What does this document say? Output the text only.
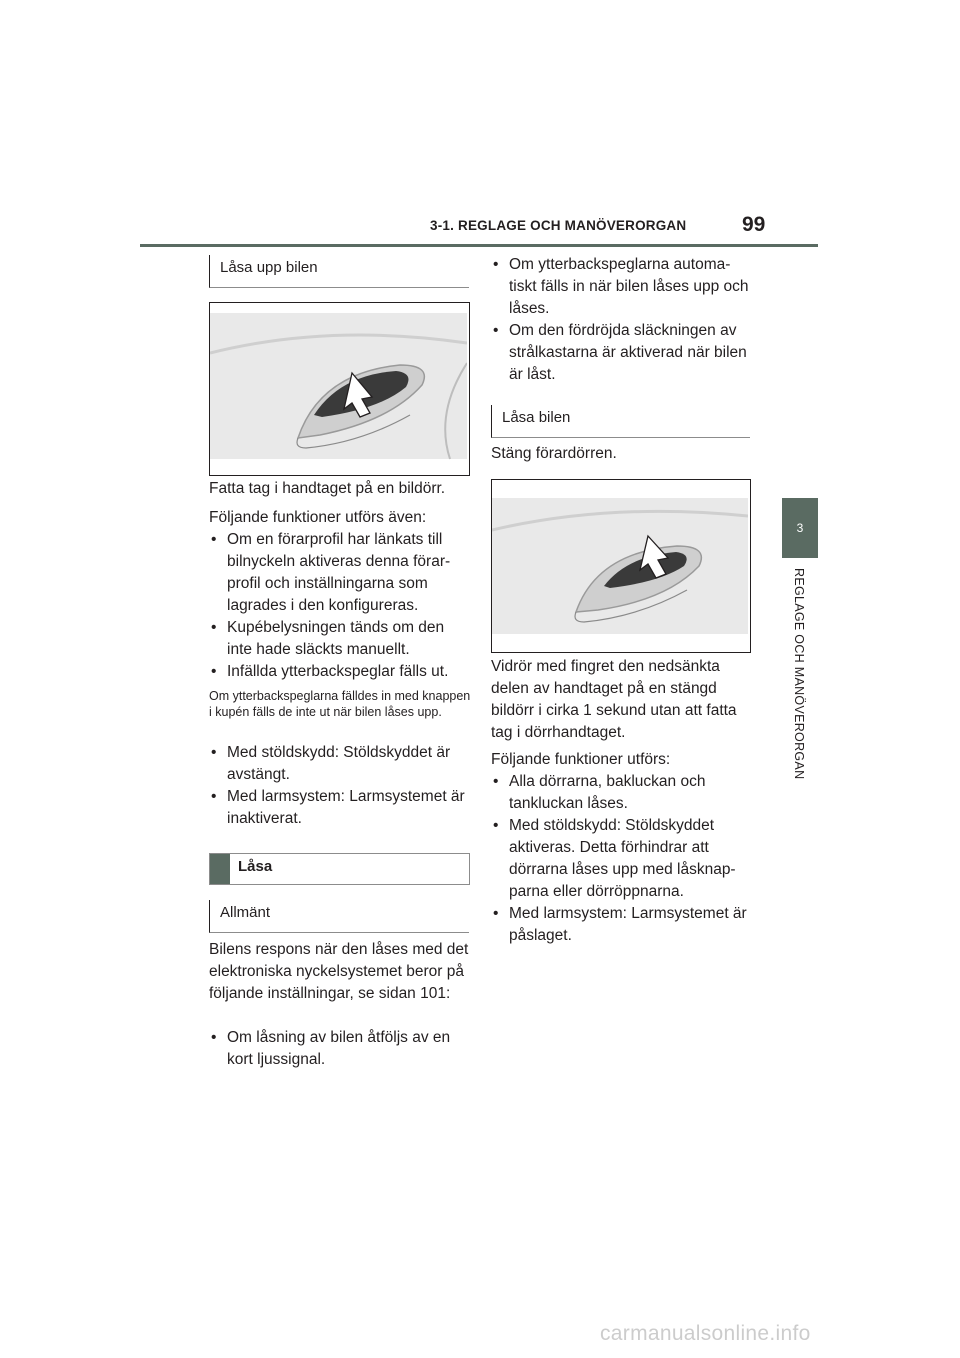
3-1. REGLAGE OCH MANÖVERORGAN	99
3
REGLAGE OCH MANÖVERORGAN
Låsa upp bilen

Fatta tag i handtaget på en bildörr.

Följande funktioner utförs även:

• Om en förarprofil har länkats till bilnyckeln aktiveras denna förar-profil och inställningarna som lagrades i den konfigureras.
• Kupébelysningen tänds om den inte hade släckts manuellt.
• Infällda ytterbackspeglar fälls ut.

Om ytterbackspeglarna fälldes in med knappen i kupén fälls de inte ut när bilen låses upp.

• Med stöldskydd: Stöldskyddet är avstängt.
• Med larmsystem: Larmsystemet är inaktiverat.
Låsa
Allmänt

Bilens respons när den låses med det elektroniska nyckelsystemet beror på följande inställningar, se sidan 101:

• Om låsning av bilen åtföljs av en kort ljussignal.
• Om ytterbackspeglarna automa-tiskt fälls in när bilen låses upp och låses.
• Om den fördröjda släckningen av strålkastarna är aktiverad när bilen är låst.
Låsa bilen

Stäng förardörren.

Vidrör med fingret den nedsänkta delen av handtaget på en stängd bildörr i cirka 1 sekund utan att fatta tag i dörrhandtaget.

Följande funktioner utförs:

• Alla dörrarna, bakluckan och tankluckan låses.
• Med stöldskydd: Stöldskyddet aktiveras. Detta förhindrar att dörrarna låses upp med låsknap-parna eller dörröppnarna.
• Med larmsystem: Larmsystemet är påslaget.
carmanualsonline.info
